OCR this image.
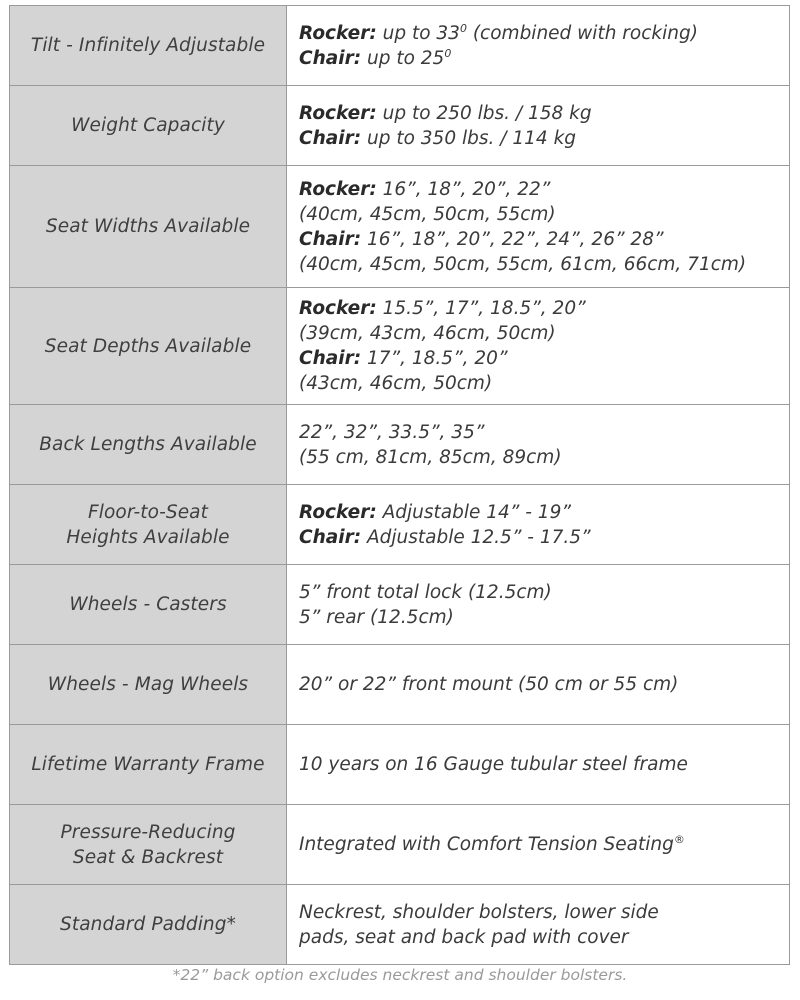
Tilt - Infinitely Adjustable	Rocker: up to $33^0$ (combined with rocking)
Chair: up to $25^0$

Weight Capacity	Rocker: up to 250 lbs. / 158 kg
Chair: up to 350 lbs. / 114 kg

Seat Widths Available	Rocker: 16”, 18”, 20”, 22”
(40cm, 45cm, 50cm, 55cm)
Chair: 16”, 18”, 20”, 22”, 24”, 26” 28”
(40cm, 45cm, 50cm, 55cm, 61cm, 66cm, 71cm)

Seat Depths Available	Rocker: 15.5”, 17”, 18.5”, 20”
(39cm, 43cm, 46cm, 50cm)
Chair: 17”, 18.5”, 20”
(43cm, 46cm, 50cm)

Back Lengths Available	22”, 32”, 33.5”, 35”
(55 cm, 81cm, 85cm, 89cm)

Floor-to-Seat
Heights Available	Rocker: Adjustable 14” - 19”
Chair: Adjustable 12.5” - 17.5”

Wheels - Casters	5” front total lock (12.5cm)
5” rear (12.5cm)

Wheels - Mag Wheels	20” or 22” front mount (50 cm or 55 cm)

Lifetime Warranty Frame	10 years on 16 Gauge tubular steel frame

Pressure-Reducing
Seat & Backrest	Integrated with Comfort Tension Seating®

Standard Padding*	Neckrest, shoulder bolsters, lower side
pads, seat and back pad with cover
*22” back option excludes neckrest and shoulder bolsters.
